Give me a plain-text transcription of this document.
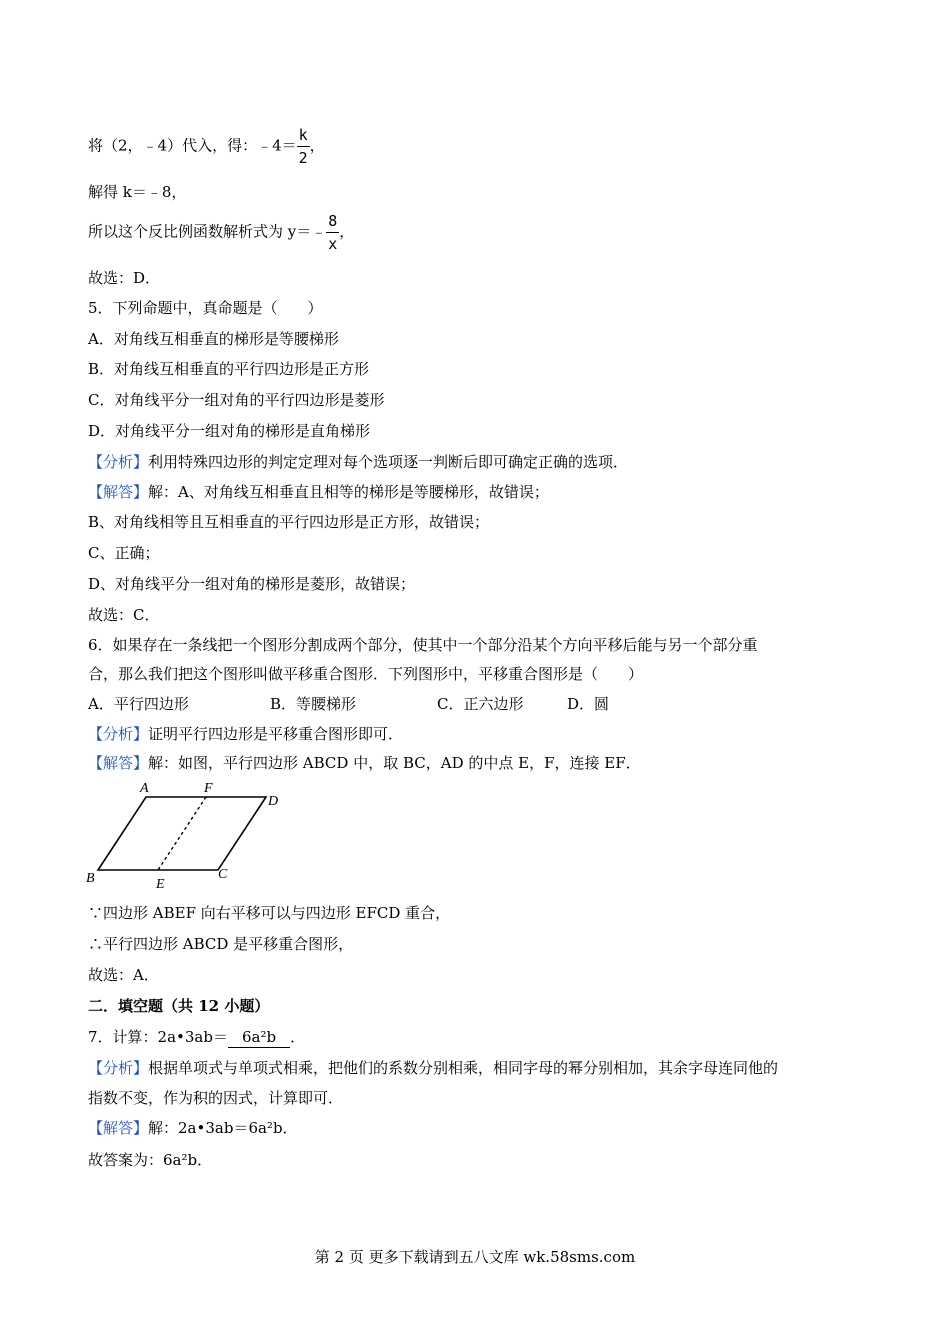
将（2，﹣4）代入，得：﹣4＝ $\frac{k}{2}$ ，
解得 k＝﹣8，
所以这个反比例函数解析式为 y＝﹣ $\frac{8}{x}$ ，
故选：D．
5．下列命题中，真命题是（　　）
A．对角线互相垂直的梯形是等腰梯形
B．对角线互相垂直的平行四边形是正方形
C．对角线平分一组对角的平行四边形是菱形
D．对角线平分一组对角的梯形是直角梯形
【分析】利用特殊四边形的判定定理对每个选项逐一判断后即可确定正确的选项．
【解答】解：A、对角线互相垂直且相等的梯形是等腰梯形，故错误；
B、对角线相等且互相垂直的平行四边形是正方形，故错误；
C、正确；
D、对角线平分一组对角的梯形是菱形，故错误；
故选：C．
6．如果存在一条线把一个图形分割成两个部分，使其中一个部分沿某个方向平移后能与另一个部分重
合，那么我们把这个图形叫做平移重合图形．下列图形中，平移重合图形是（　　）
A．平行四边形	B．等腰梯形	C．正六边形	D．圆
【分析】证明平行四边形是平移重合图形即可．
【解答】解：如图，平行四边形 ABCD 中，取 BC，AD 的中点 E，F，连接 EF．
A	F
D
B	E
C
∵四边形 ABEF 向右平移可以与四边形 EFCD 重合，
∴平行四边形 ABCD 是平移重合图形，
故选：A．
二．填空题（共 12 小题）
7．计算：2a•3ab＝ 6a²b ．
【分析】根据单项式与单项式相乘，把他们的系数分别相乘，相同字母的幂分别相加，其余字母连同他的
指数不变，作为积的因式，计算即可．
【解答】解：2a•3ab＝6a²b．
故答案为：6a²b．
第 2 页 更多下载请到五八文库 wk.58sms.com
